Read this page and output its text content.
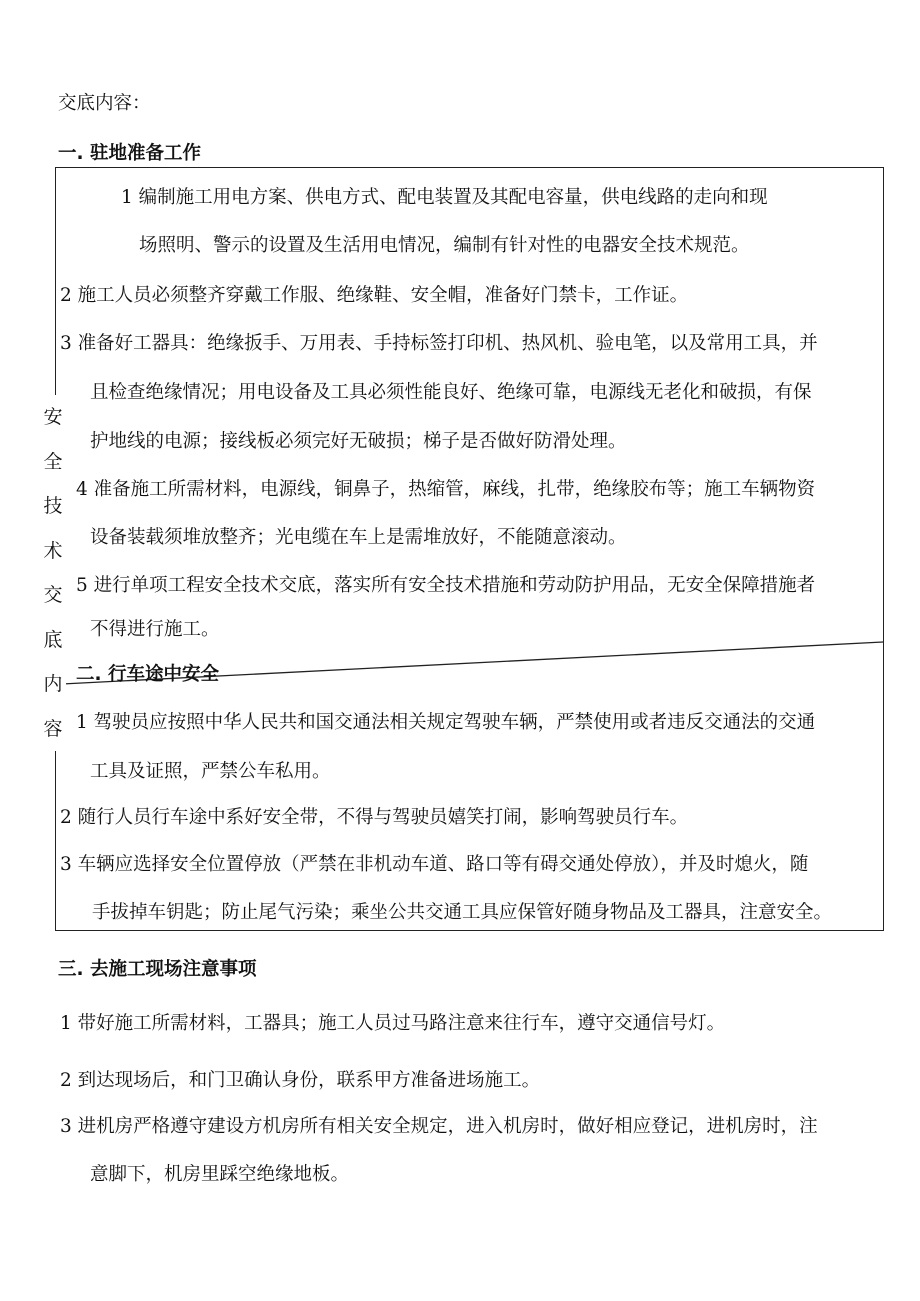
交底内容：
一. 驻地准备工作
1 编制施工用电方案、供电方式、配电装置及其配电容量，供电线路的走向和现
场照明、警示的设置及生活用电情况，编制有针对性的电器安全技术规范。
2 施工人员必须整齐穿戴工作服、绝缘鞋、安全帽，准备好门禁卡，工作证。
3 准备好工器具：绝缘扳手、万用表、手持标签打印机、热风机、验电笔，以及常用工具，并
且检查绝缘情况；用电设备及工具必须性能良好、绝缘可靠，电源线无老化和破损，有保
护地线的电源；接线板必须完好无破损；梯子是否做好防滑处理。
4 准备施工所需材料，电源线，铜鼻子，热缩管，麻线，扎带，绝缘胶布等；施工车辆物资
设备装载须堆放整齐；光电缆在车上是需堆放好，不能随意滚动。
5 进行单项工程安全技术交底，落实所有安全技术措施和劳动防护用品，无安全保障措施者
不得进行施工。
安
全
技
术
交
底
内
容
二. 行车途中安全
1 驾驶员应按照中华人民共和国交通法相关规定驾驶车辆，严禁使用或者违反交通法的交通
工具及证照，严禁公车私用。
2 随行人员行车途中系好安全带，不得与驾驶员嬉笑打闹，影响驾驶员行车。
3 车辆应选择安全位置停放（严禁在非机动车道、路口等有碍交通处停放），并及时熄火，随
手拔掉车钥匙；防止尾气污染；乘坐公共交通工具应保管好随身物品及工器具，注意安全。
三. 去施工现场注意事项
1 带好施工所需材料，工器具；施工人员过马路注意来往行车，遵守交通信号灯。
2 到达现场后，和门卫确认身份，联系甲方准备进场施工。
3 进机房严格遵守建设方机房所有相关安全规定，进入机房时，做好相应登记，进机房时，注
意脚下，机房里踩空绝缘地板。
